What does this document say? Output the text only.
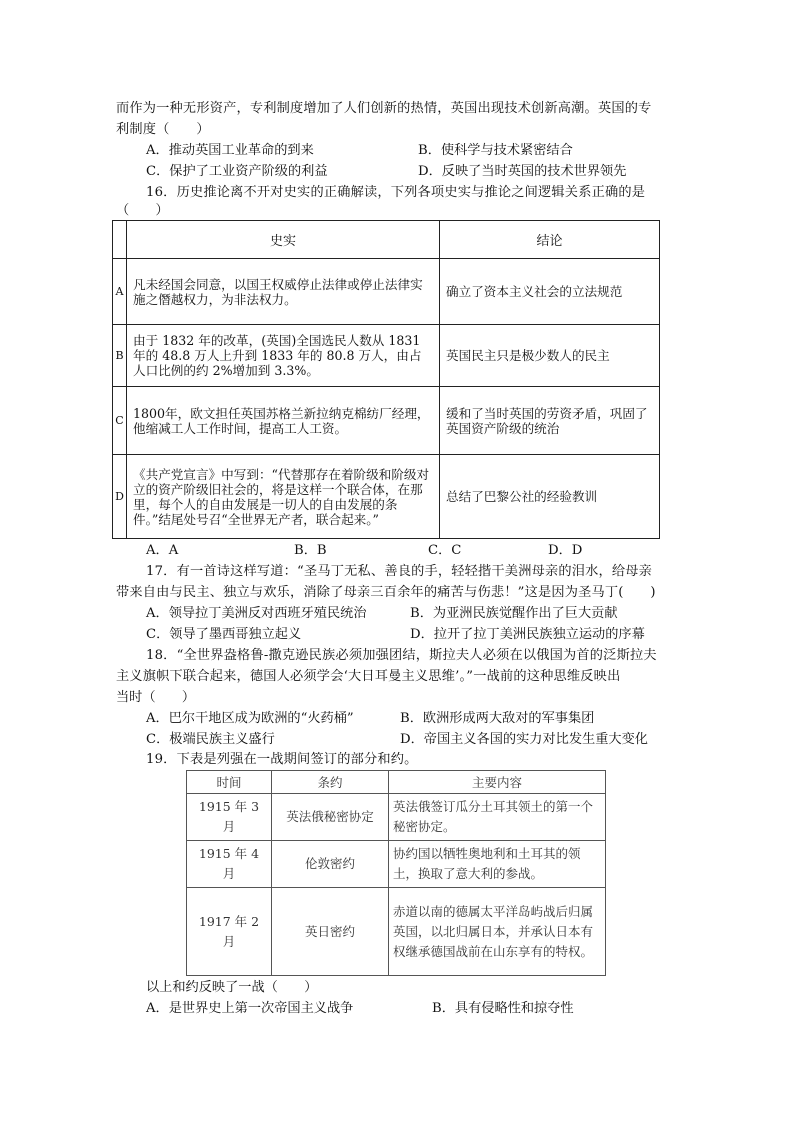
而作为一种无形资产，专利制度增加了人们创新的热情，英国出现技术创新高潮。英国的专
利制度（　　）
A．推动英国工业革命的到来	B．使科学与技术紧密结合
C．保护了工业资产阶级的利益	D．反映了当时英国的技术世界领先
16．历史推论离不开对史实的正确解读，下列各项史实与推论之间逻辑关系正确的是
（　　）
	史实	结论
A	凡未经国会同意，以国王权威停止法律或停止法律实施之僭越权力，为非法权力。	确立了资本主义社会的立法规范
B	由于 1832 年的改革，(英国)全国选民人数从 1831 年的 48.8 万人上升到 1833 年的 80.8 万人，由占人口比例的约 2%增加到 3.3%。	英国民主只是极少数人的民主
C	1800年，欧文担任英国苏格兰新拉纳克棉纺厂经理，他缩减工人工作时间，提高工人工资。	缓和了当时英国的劳资矛盾，巩固了英国资产阶级的统治
D	《共产党宣言》中写到：“代替那存在着阶级和阶级对立的资产阶级旧社会的，将是这样一个联合体，在那里，每个人的自由发展是一切人的自由发展的条件。”结尾处号召“全世界无产者，联合起来。”	总结了巴黎公社的经验教训
A．A	B．B	C．C	D．D
17．有一首诗这样写道：“圣马丁无私、善良的手，轻轻揩干美洲母亲的泪水，给母亲
带来自由与民主、独立与欢乐，消除了母亲三百余年的痛苦与伤悲！”这是因为圣马丁(　　)
A．领导拉丁美洲反对西班牙殖民统治	B．为亚洲民族觉醒作出了巨大贡献
C．领导了墨西哥独立起义	D．拉开了拉丁美洲民族独立运动的序幕
18．“全世界盎格鲁-撒克逊民族必须加强团结，斯拉夫人必须在以俄国为首的泛斯拉夫
主义旗帜下联合起来，德国人必须学会‘大日耳曼主义思维’。”一战前的这种思维反映出
当时（　　）
A．巴尔干地区成为欧洲的“火药桶”	B．欧洲形成两大敌对的军事集团
C．极端民族主义盛行	D．帝国主义各国的实力对比发生重大变化
19．下表是列强在一战期间签订的部分和约。
时间	条约	主要内容
1915 年 3 月	英法俄秘密协定	英法俄签订瓜分土耳其领土的第一个秘密协定。
1915 年 4 月	伦敦密约	协约国以牺牲奥地利和土耳其的领土，换取了意大利的参战。
1917 年 2 月	英日密约	赤道以南的德属太平洋岛屿战后归属英国，以北归属日本，并承认日本有权继承德国战前在山东享有的特权。
以上和约反映了一战（　　）
A．是世界史上第一次帝国主义战争	B．具有侵略性和掠夺性
